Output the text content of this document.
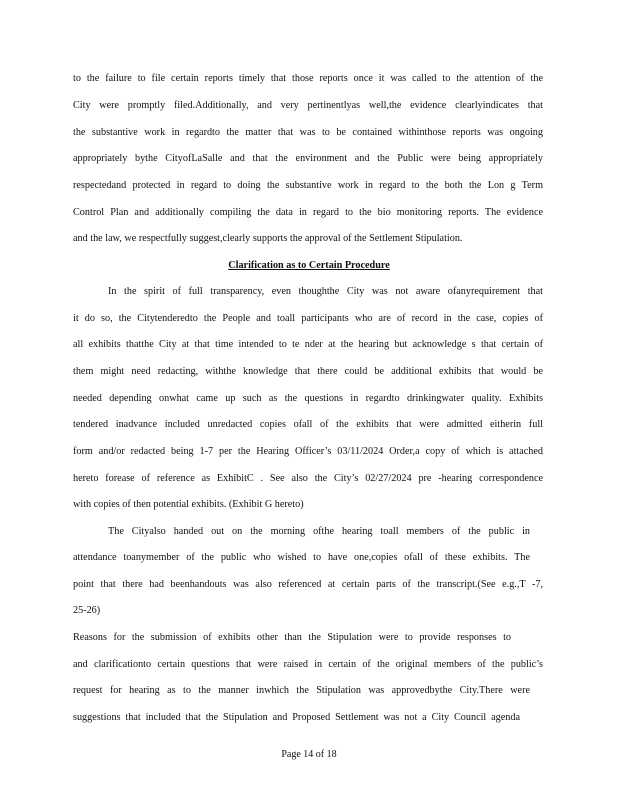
to the failure to file certain reports timely that those reports once it was called to the attention of the
City were promptly filed.Additionally, and very pertinentlyas well,the evidence clearlyindicates that
the substantive work in regardto the matter that was to be contained withinthose reports was ongoing
appropriately bythe CityofLaSalle and that the environment and the Public were being appropriately
respectedand protected in regard to doing the substantive work in regard to the both the Lon g Term
Control Plan and additionally compiling the data in regard to the bio monitoring reports. The evidence
and the law, we respectfully suggest,clearly supports the approval of the Settlement Stipulation.
Clarification as to Certain Procedure
In the spirit of full transparency, even thoughthe City was not aware ofanyrequirement that
it do so, the Citytenderedto the People and toall participants who are of record in the case, copies of
all exhibits thatthe City at that time intended to te nder at the hearing but acknowledge s that certain of
them might need redacting, withthe knowledge that there could be additional exhibits that would be
needed depending onwhat came up such as the questions in regardto drinkingwater quality. Exhibits
tendered inadvance included unredacted copies ofall of the exhibits that were admitted eitherin full
form and/or redacted being 1-7 per the Hearing Officer’s 03/11/2024 Order,a copy of which is attached
hereto forease of reference as ExhibitC . See also the City’s 02/27/2024 pre -hearing correspondence
with copies of then potential exhibits. (Exhibit G hereto)
The Cityalso handed out on the morning ofthe hearing toall members of the public in
attendance toanymember of the public who wished to have one,copies ofall of these exhibits. The
point that there had beenhandouts was also referenced at certain parts of the transcript.(See e.g.,T -7,
25-26)
Reasons for the submission of exhibits other than the Stipulation were to provide responses to
and clarificationto certain questions that were raised in certain of the original members of the public’s
request for hearing as to the manner inwhich the Stipulation was approvedbythe City.There were
suggestions that included that the Stipulation and Proposed Settlement was not a City Council agenda
Page 14 of 18
